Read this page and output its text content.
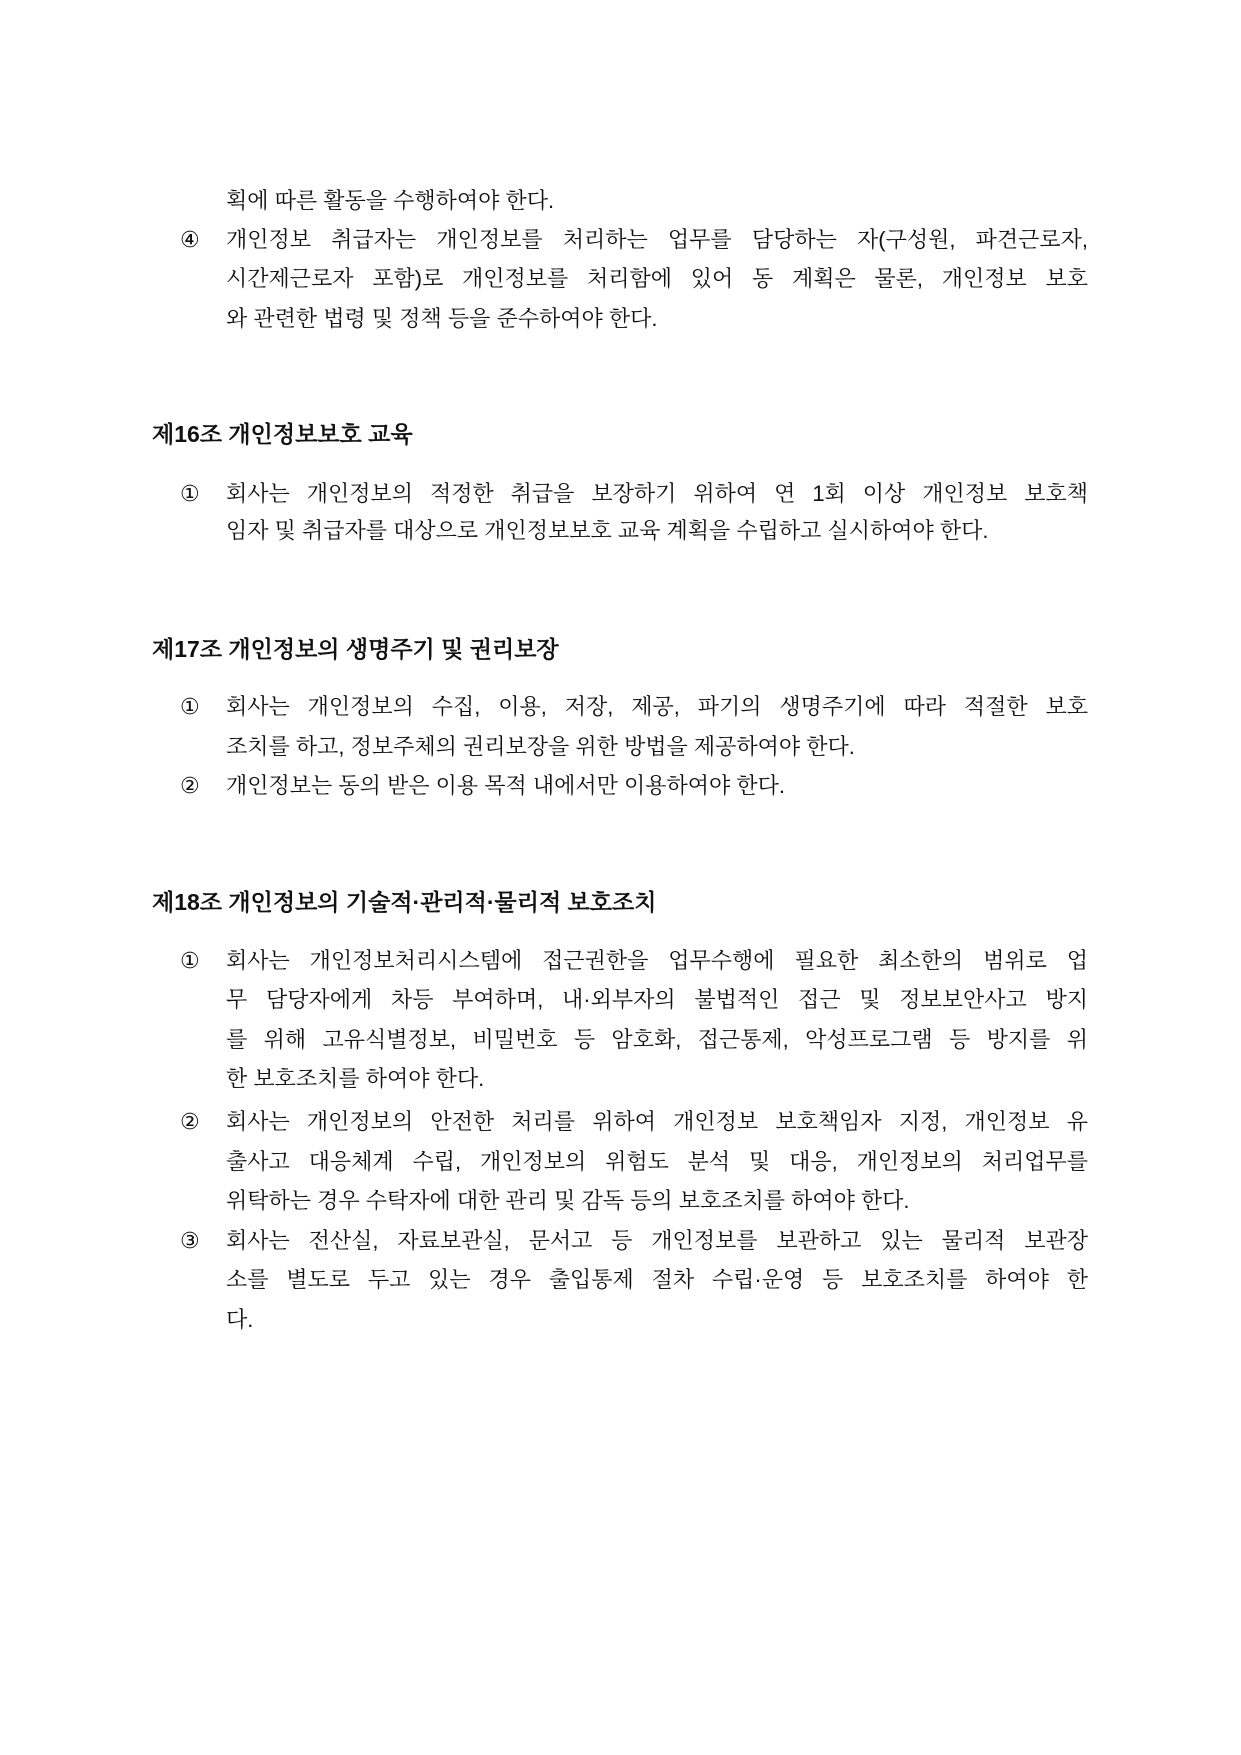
획에 따른 활동을 수행하여야 한다.
④ 개인정보 취급자는 개인정보를 처리하는 업무를 담당하는 자(구성원, 파견근로자,
시간제근로자 포함)로 개인정보를 처리함에 있어 동 계획은 물론, 개인정보 보호
와 관련한 법령 및 정책 등을 준수하여야 한다.
제16조 개인정보보호 교육
① 회사는 개인정보의 적정한 취급을 보장하기 위하여 연 1회 이상 개인정보 보호책
임자 및 취급자를 대상으로 개인정보보호 교육 계획을 수립하고 실시하여야 한다.
제17조 개인정보의 생명주기 및 권리보장
① 회사는 개인정보의 수집, 이용, 저장, 제공, 파기의 생명주기에 따라 적절한 보호
조치를 하고, 정보주체의 권리보장을 위한 방법을 제공하여야 한다.
② 개인정보는 동의 받은 이용 목적 내에서만 이용하여야 한다.
제18조 개인정보의 기술적·관리적·물리적 보호조치
① 회사는 개인정보처리시스템에 접근권한을 업무수행에 필요한 최소한의 범위로 업
무 담당자에게 차등 부여하며, 내·외부자의 불법적인 접근 및 정보보안사고 방지
를 위해 고유식별정보, 비밀번호 등 암호화, 접근통제, 악성프로그램 등 방지를 위
한 보호조치를 하여야 한다.
② 회사는 개인정보의 안전한 처리를 위하여 개인정보 보호책임자 지정, 개인정보 유
출사고 대응체계 수립, 개인정보의 위험도 분석 및 대응, 개인정보의 처리업무를
위탁하는 경우 수탁자에 대한 관리 및 감독 등의 보호조치를 하여야 한다.
③ 회사는 전산실, 자료보관실, 문서고 등 개인정보를 보관하고 있는 물리적 보관장
소를 별도로 두고 있는 경우 출입통제 절차 수립·운영 등 보호조치를 하여야 한
다.
